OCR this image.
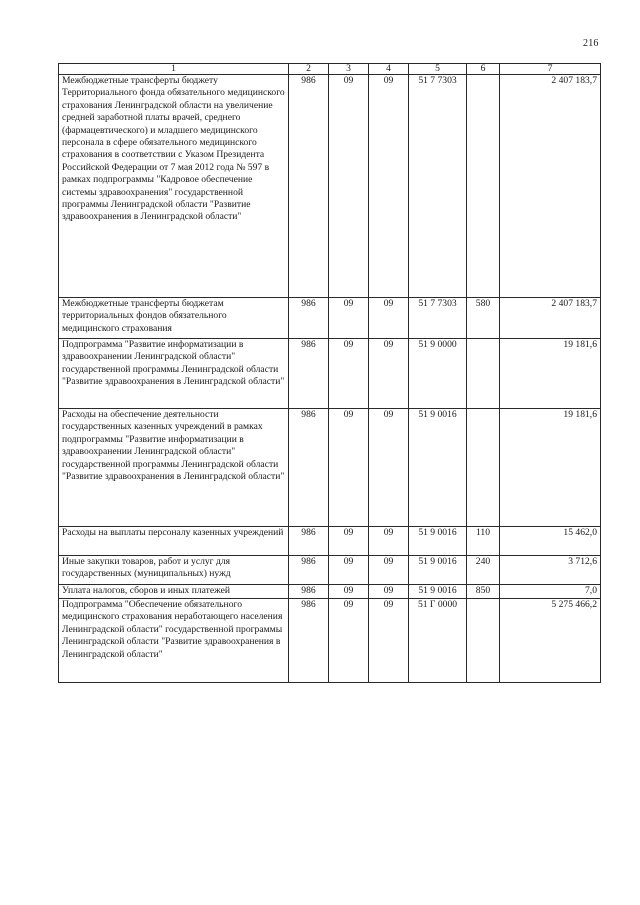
216
1	2	3	4	5	6	7
Межбюджетные трансферты бюджету Территориального фонда обязательного медицинского страхования Ленинградской области на увеличение средней заработной платы врачей, среднего (фармацевтического) и младшего медицинского персонала в сфере обязательного медицинского страхования в соответствии с Указом Президента Российской Федерации от 7 мая 2012 года № 597 в рамках подпрограммы "Кадровое обеспечение системы здравоохранения" государственной программы Ленинградской области "Развитие здравоохранения в Ленинградской области"	986	09	09	51 7 7303		2 407 183,7
Межбюджетные трансферты бюджетам территориальных фондов обязательного медицинского страхования	986	09	09	51 7 7303	580	2 407 183,7
Подпрограмма "Развитие информатизации в здравоохранении Ленинградской области" государственной программы Ленинградской области "Развитие здравоохранения в Ленинградской области"	986	09	09	51 9 0000		19 181,6
Расходы на обеспечение деятельности государственных казенных учреждений в рамках подпрограммы "Развитие информатизации в здравоохранении Ленинградской области" государственной программы Ленинградской области "Развитие здравоохранения в Ленинградской области"	986	09	09	51 9 0016		19 181,6
Расходы на выплаты персоналу казенных учреждений	986	09	09	51 9 0016	110	15 462,0
Иные закупки товаров, работ и услуг для государственных (муниципальных) нужд	986	09	09	51 9 0016	240	3 712,6
Уплата налогов, сборов и иных платежей	986	09	09	51 9 0016	850	7,0
Подпрограмма "Обеспечение обязательного медицинского страхования неработающего населения Ленинградской области" государственной программы Ленинградской области "Развитие здравоохранения в Ленинградской области"	986	09	09	51 Г 0000		5 275 466,2
